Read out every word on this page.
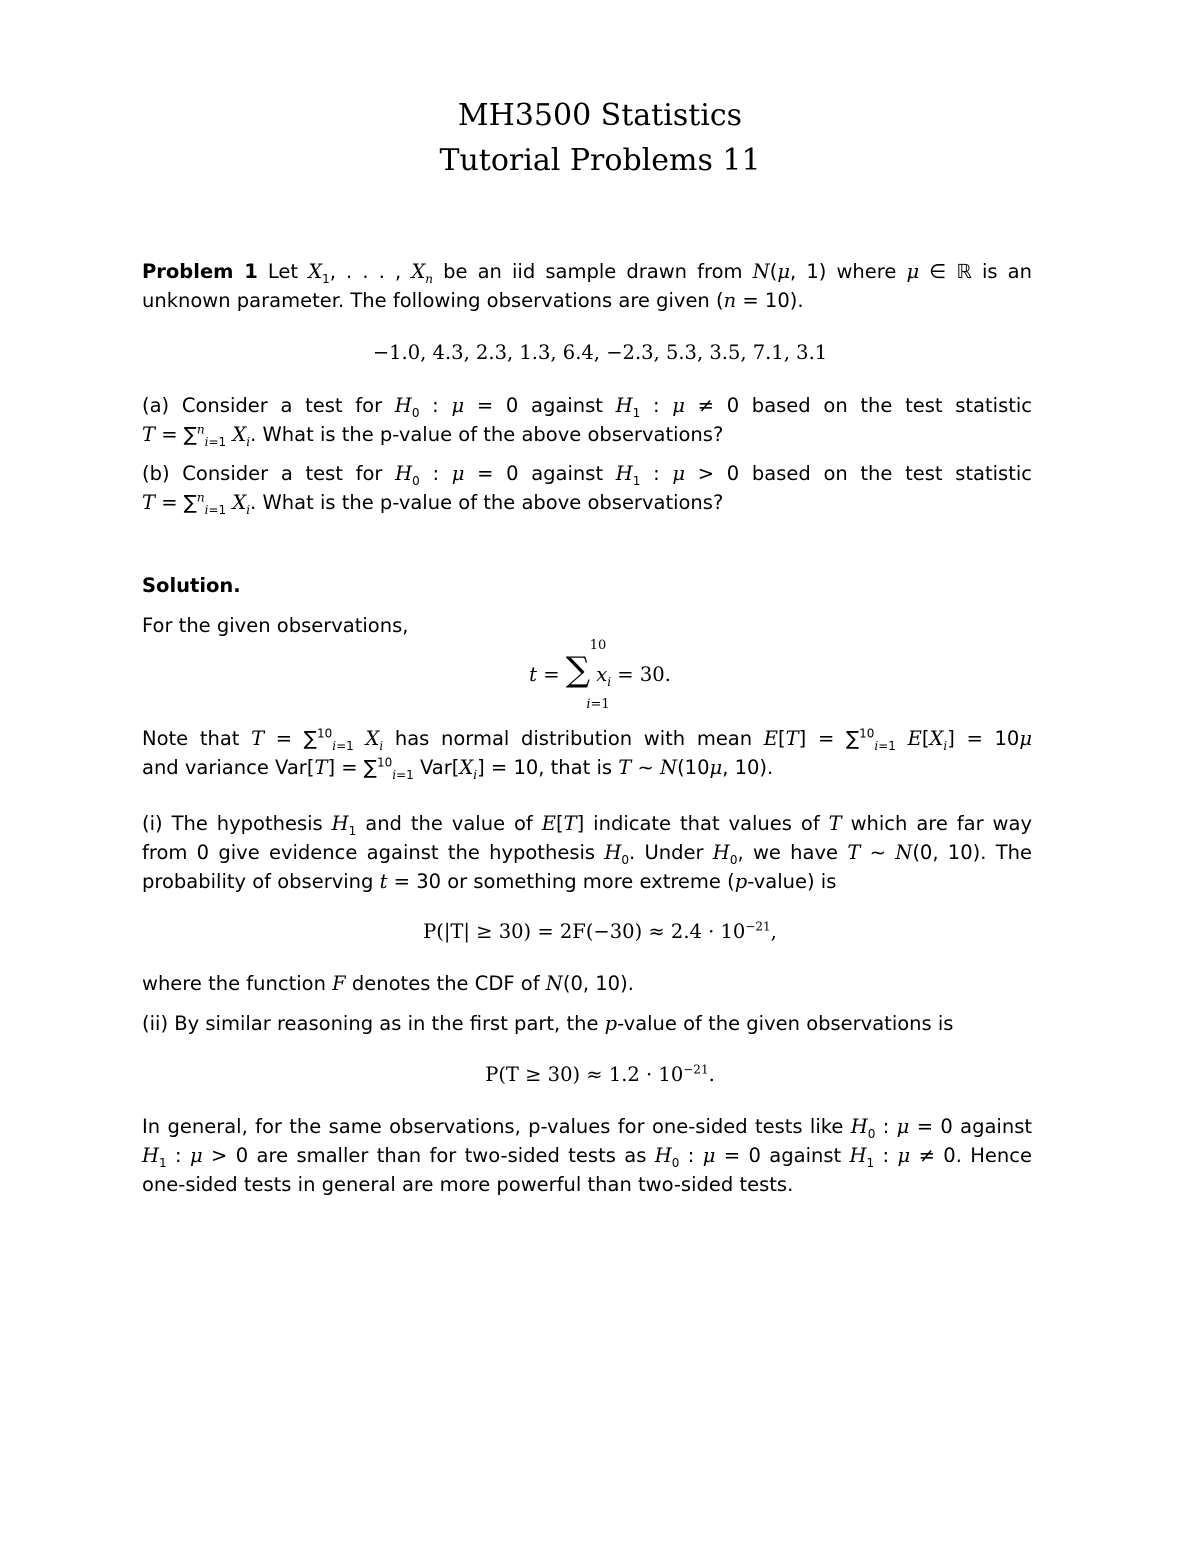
MH3500 Statistics
Tutorial Problems 11
Problem 1 Let $X_1$, . . . , $X_n$ be an iid sample drawn from N(μ, 1) where μ ∈ ℝ is an
unknown parameter. The following observations are given (n = 10).
−1.0, 4.3, 2.3, 1.3, 6.4, −2.3, 5.3, 3.5, 7.1, 3.1
(a) Consider a test for $H_0$ : μ = 0 against $H_1$ : μ ≠ 0 based on the test statistic
T = ∑$^n_{i=1}$ $X_i$. What is the p-value of the above observations?
(b) Consider a test for $H_0$ : μ = 0 against $H_1$ : μ > 0 based on the test statistic
T = ∑$^n_{i=1}$ $X_i$. What is the p-value of the above observations?
Solution.
For the given observations,
10
t = ∑ $x_i = 30$.
i=1
Note that T = ∑$^{10}_{i=1}$ $X_i$ has normal distribution with mean E[T] = ∑$^{10}_{i=1}$ $E[X_i] = 10\mu$
and variance Var[T] = ∑$^{10}_{i=1}$ $Var[X_i] = 10$, that is T ∼ N(10μ, 10).
(i) The hypothesis $H_1$ and the value of E[T] indicate that values of T which are far way
from 0 give evidence against the hypothesis $H_0$. Under $H_0$, we have T ∼ N(0, 10). The
probability of observing t = 30 or something more extreme (p-value) is
$P(|T| \ge 30) = 2F(-30) \approx 2.4 \cdot 10^{-21}$,
where the function F denotes the CDF of N(0, 10).
(ii) By similar reasoning as in the first part, the p-value of the given observations is
$P(T \ge 30) \approx 1.2 \cdot 10^{-21}$.
In general, for the same observations, p-values for one-sided tests like $H_0$ : μ = 0 against
$H_1$ : μ > 0 are smaller than for two-sided tests as $H_0$ : μ = 0 against $H_1$ : μ ≠ 0. Hence
one-sided tests in general are more powerful than two-sided tests.
